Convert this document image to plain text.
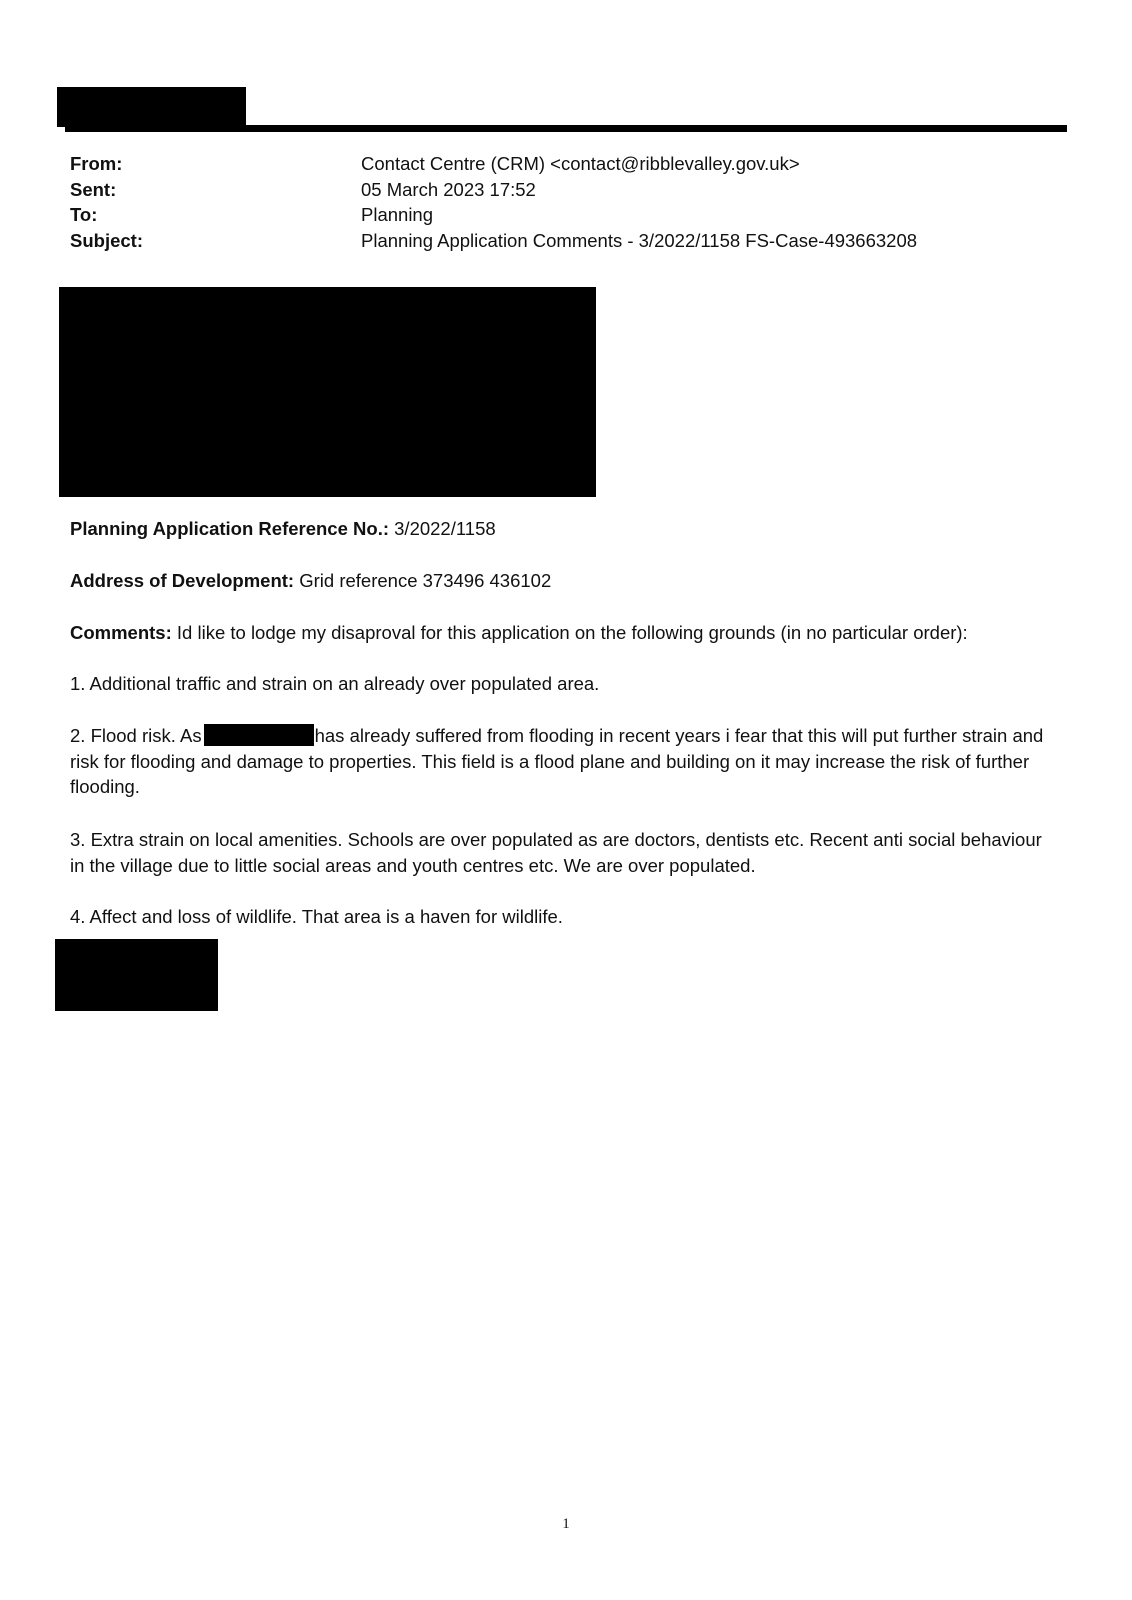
From:	Contact Centre (CRM) <contact@ribblevalley.gov.uk>
Sent:	05 March 2023 17:52
To:	Planning
Subject:	Planning Application Comments - 3/2022/1158 FS-Case-493663208
Planning Application Reference No.: 3/2022/1158
Address of Development: Grid reference 373496 436102
Comments: Id like to lodge my disaproval for this application on the following grounds (in no particular order):
1. Additional traffic and strain on an already over populated area.
2. Flood risk. As	has already suffered from flooding in recent years i fear that this will put further strain and risk for flooding and damage to properties. This field is a flood plane and building on it may increase the risk of further flooding.
3. Extra strain on local amenities. Schools are over populated as are doctors, dentists etc. Recent anti social behaviour in the village due to little social areas and youth centres etc. We are over populated.
4. Affect and loss of wildlife. That area is a haven for wildlife.
1
